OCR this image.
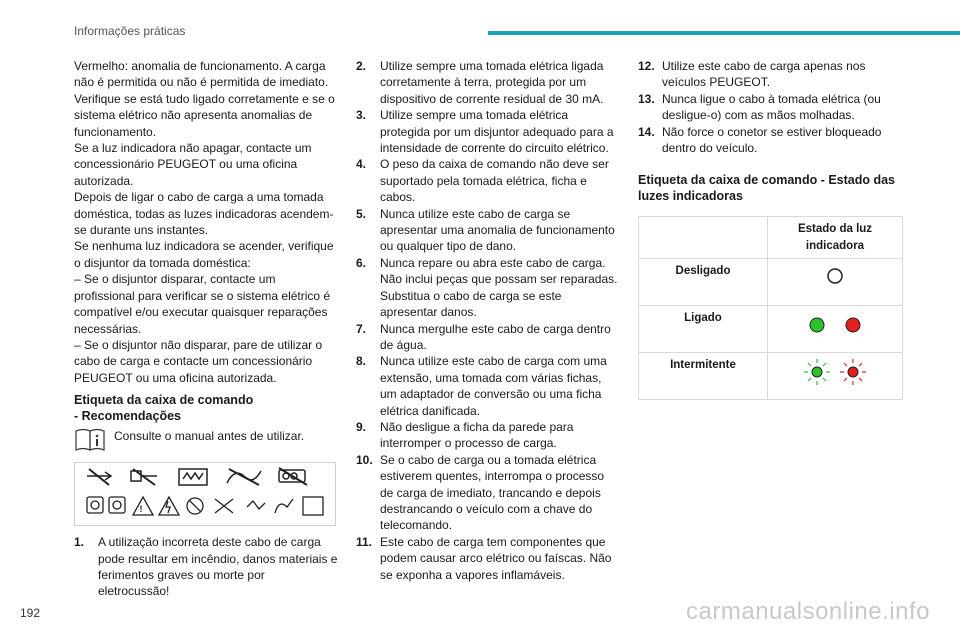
Informações práticas

Vermelho: anomalia de funcionamento. A carga não é permitida ou não é permitida de imediato. Verifique se está tudo ligado corretamente e se o sistema elétrico não apresenta anomalias de funcionamento.

Se a luz indicadora não apagar, contacte um concessionário PEUGEOT ou uma oficina autorizada.

Depois de ligar o cabo de carga a uma tomada doméstica, todas as luzes indicadoras acendem-se durante uns instantes.

Se nenhuma luz indicadora se acender, verifique o disjuntor da tomada doméstica:

– Se o disjuntor disparar, contacte um profissional para verificar se o sistema elétrico é compatível e/ou executar quaisquer reparações necessárias.

– Se o disjuntor não disparar, pare de utilizar o cabo de carga e contacte um concessionário PEUGEOT ou uma oficina autorizada.

Etiqueta da caixa de comando
- Recomendações
Consulte o manual antes de utilizar.
!
1. A utilização incorreta deste cabo de carga pode resultar em incêndio, danos materiais e ferimentos graves ou morte por eletrocussão!
2. Utilize sempre uma tomada elétrica ligada corretamente à terra, protegida por um dispositivo de corrente residual de 30 mA.
3. Utilize sempre uma tomada elétrica protegida por um disjuntor adequado para a intensidade de corrente do circuito elétrico.
4. O peso da caixa de comando não deve ser suportado pela tomada elétrica, ficha e cabos.
5. Nunca utilize este cabo de carga se apresentar uma anomalia de funcionamento ou qualquer tipo de dano.
6. Nunca repare ou abra este cabo de carga. Não inclui peças que possam ser reparadas. Substitua o cabo de carga se este apresentar danos.
7. Nunca mergulhe este cabo de carga dentro de água.
8. Nunca utilize este cabo de carga com uma extensão, uma tomada com várias fichas, um adaptador de conversão ou uma ficha elétrica danificada.
9. Não desligue a ficha da parede para interromper o processo de carga.
10. Se o cabo de carga ou a tomada elétrica estiverem quentes, interrompa o processo de carga de imediato, trancando e depois destrancando o veículo com a chave do telecomando.
11. Este cabo de carga tem componentes que podem causar arco elétrico ou faíscas. Não se exponha a vapores inflamáveis.
12. Utilize este cabo de carga apenas nos veículos PEUGEOT.
13. Nunca ligue o cabo à tomada elétrica (ou desligue-o) com as mãos molhadas.
14. Não force o conetor se estiver bloqueado dentro do veículo.
Etiqueta da caixa de comando - Estado das luzes indicadoras
	Estado da luz indicadora
Desligado	
Ligado	
Intermitente	
192	carmanualsonline.info
